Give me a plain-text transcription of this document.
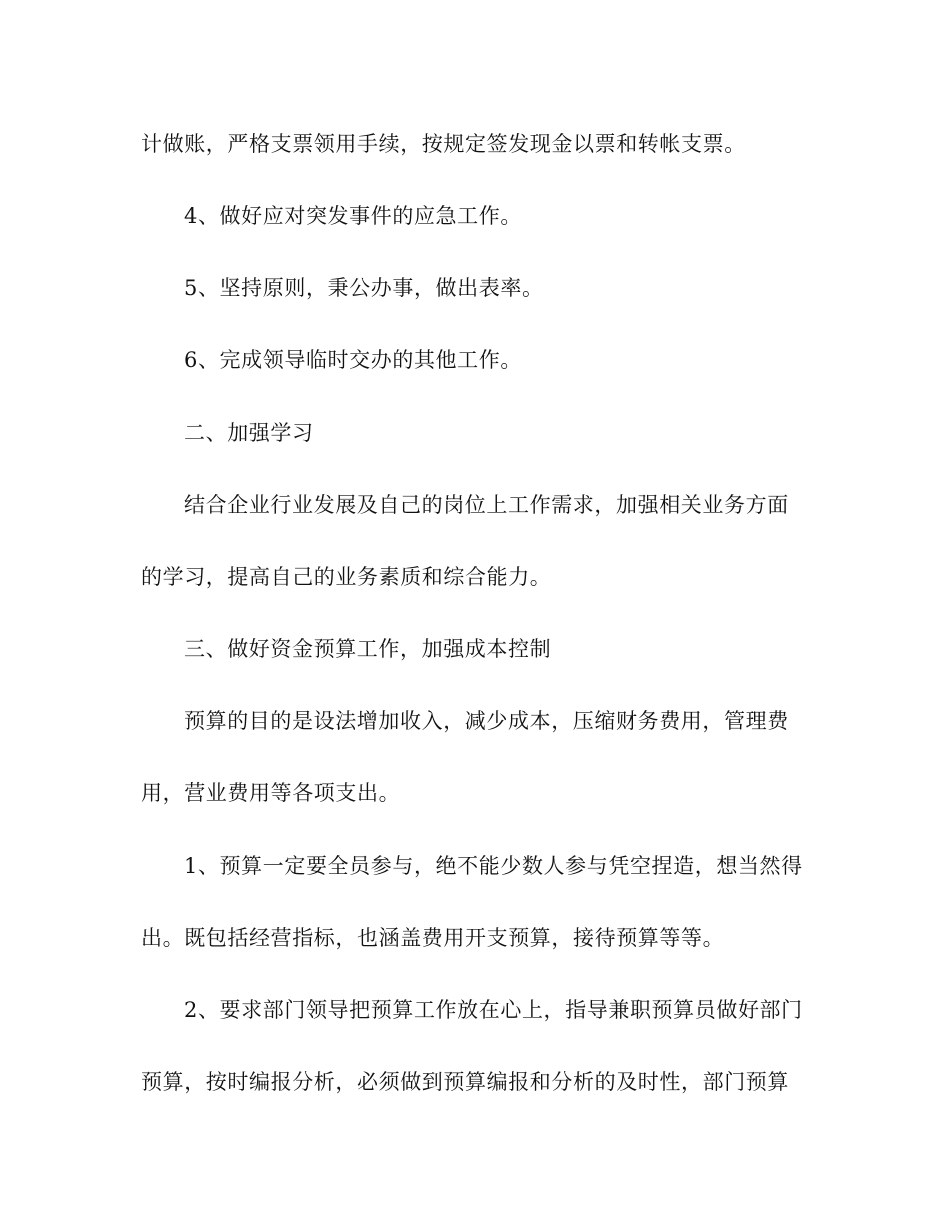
计做账，严格支票领用手续，按规定签发现金以票和转帐支票。
4、做好应对突发事件的应急工作。
5、坚持原则，秉公办事，做出表率。
6、完成领导临时交办的其他工作。
二、加强学习
结合企业行业发展及自己的岗位上工作需求，加强相关业务方面
的学习，提高自己的业务素质和综合能力。
三、做好资金预算工作，加强成本控制
预算的目的是设法增加收入，减少成本，压缩财务费用，管理费
用，营业费用等各项支出。
1、预算一定要全员参与，绝不能少数人参与凭空捏造，想当然得
出。既包括经营指标，也涵盖费用开支预算，接待预算等等。
2、要求部门领导把预算工作放在心上，指导兼职预算员做好部门
预算，按时编报分析，必须做到预算编报和分析的及时性，部门预算
